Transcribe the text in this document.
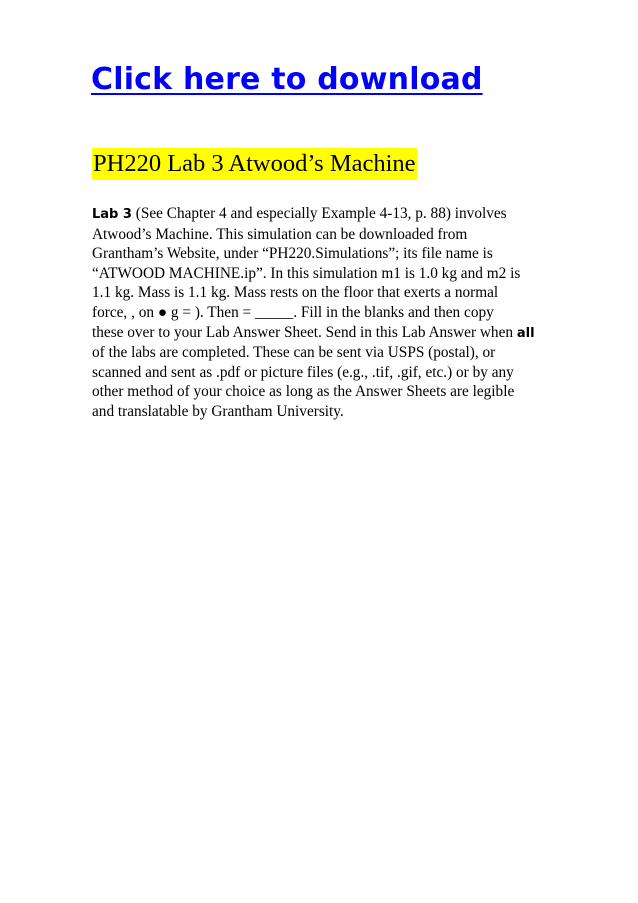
Click here to download
PH220 Lab 3 Atwood’s Machine
Lab 3 (See Chapter 4 and especially Example 4-13, p. 88) involves
Atwood’s Machine. This simulation can be downloaded from
Grantham’s Website, under “PH220.Simulations”; its file name is
“ATWOOD MACHINE.ip”. In this simulation m1 is 1.0 kg and m2 is
1.1 kg. Mass is 1.1 kg. Mass rests on the floor that exerts a normal
force, , on ● g = ). Then = _____. Fill in the blanks and then copy
these over to your Lab Answer Sheet. Send in this Lab Answer when all
of the labs are completed. These can be sent via USPS (postal), or
scanned and sent as .pdf or picture files (e.g., .tif, .gif, etc.) or by any
other method of your choice as long as the Answer Sheets are legible
and translatable by Grantham University.
